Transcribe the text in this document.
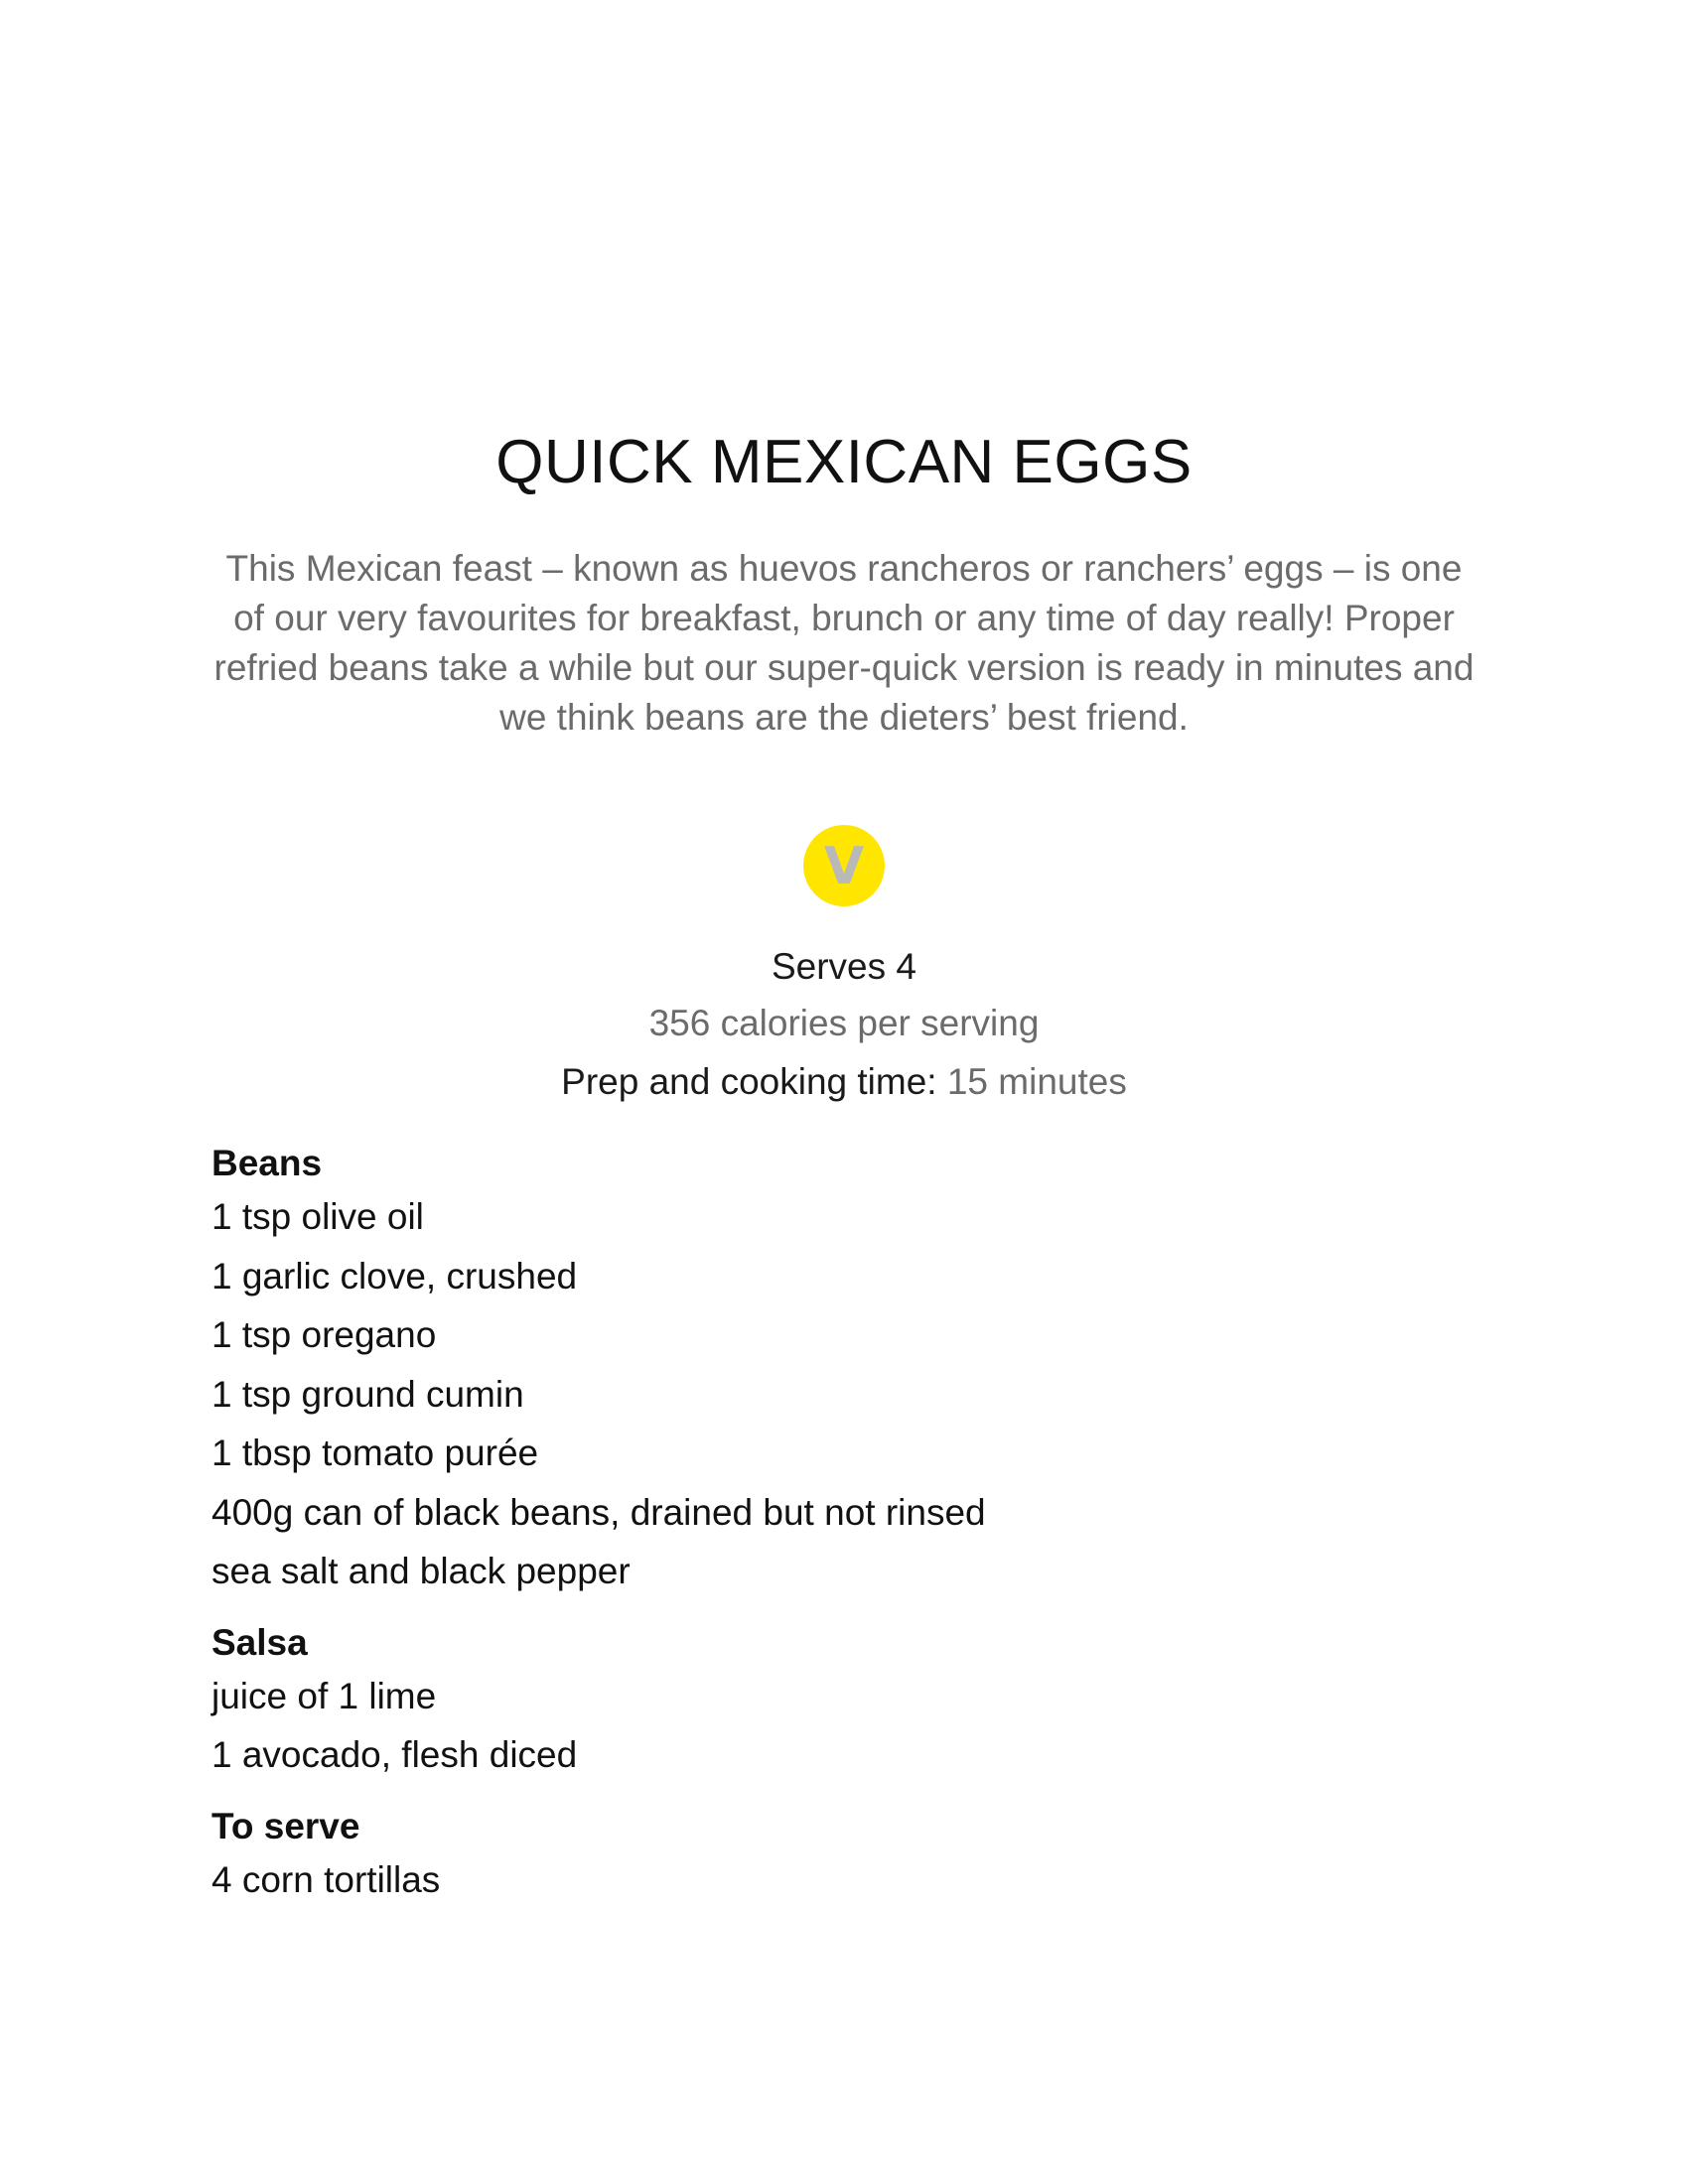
QUICK MEXICAN EGGS

This Mexican feast – known as huevos rancheros or ranchers’ eggs – is one of our very favourites for breakfast, brunch or any time of day really! Proper refried beans take a while but our super-quick version is ready in minutes and we think beans are the dieters’ best friend.

V

Serves 4

356 calories per serving

Prep and cooking time: 15 minutes

Beans

1 tsp olive oil

1 garlic clove, crushed

1 tsp oregano

1 tsp ground cumin

1 tbsp tomato purée

400g can of black beans, drained but not rinsed

sea salt and black pepper

Salsa

juice of 1 lime

1 avocado, flesh diced

To serve

4 corn tortillas
